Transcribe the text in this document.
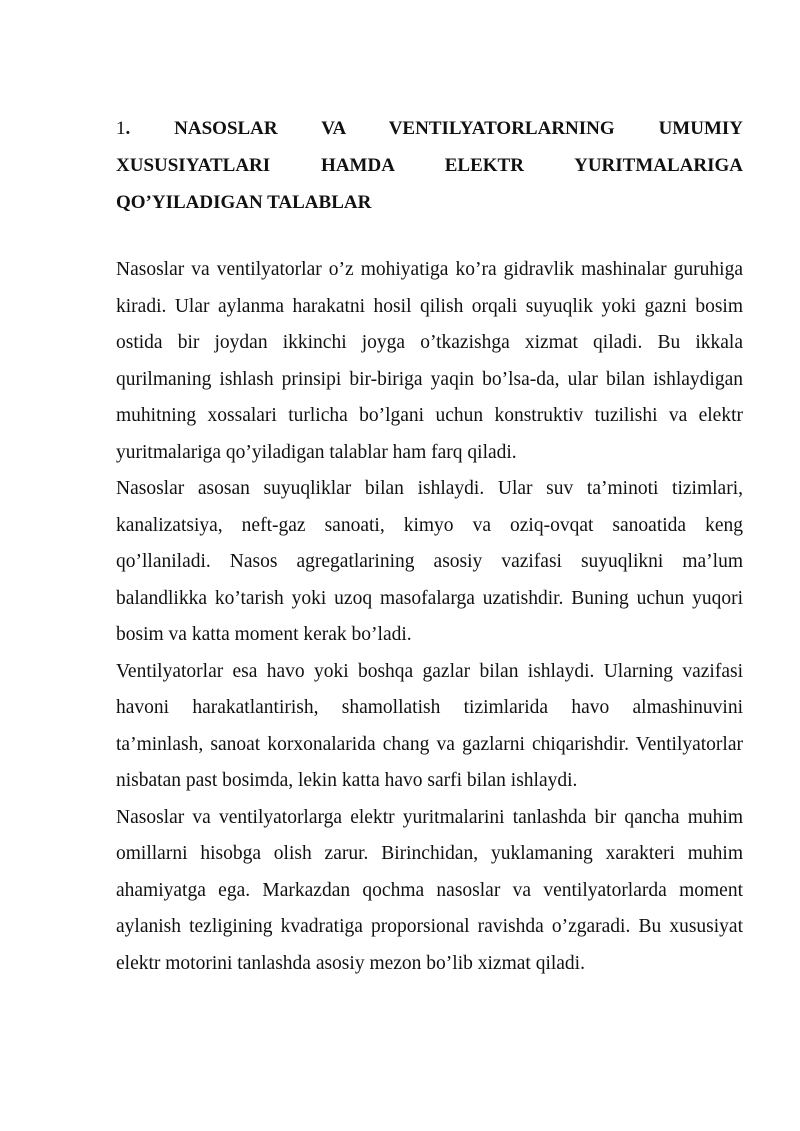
1. NASOSLAR VA VENTILYATORLARNING UMUMIY XUSUSIYATLARI HAMDA ELEKTR YURITMALARIGA QO’YILADIGAN TALABLAR

Nasoslar va ventilyatorlar o’z mohiyatiga ko’ra gidravlik mashinalar guruhiga kiradi. Ular aylanma harakatni hosil qilish orqali suyuqlik yoki gazni bosim ostida bir joydan ikkinchi joyga o’tkazishga xizmat qiladi. Bu ikkala qurilmaning ishlash prinsipi bir-biriga yaqin bo’lsa-da, ular bilan ishlaydigan muhitning xossalari turlicha bo’lgani uchun konstruktiv tuzilishi va elektr yuritmalariga qo’yiladigan talablar ham farq qiladi.

Nasoslar asosan suyuqliklar bilan ishlaydi. Ular suv ta’minoti tizimlari, kanalizatsiya, neft-gaz sanoati, kimyo va oziq-ovqat sanoatida keng qo’llaniladi. Nasos agregatlarining asosiy vazifasi suyuqlikni ma’lum balandlikka ko’tarish yoki uzoq masofalarga uzatishdir. Buning uchun yuqori bosim va katta moment kerak bo’ladi.

Ventilyatorlar esa havo yoki boshqa gazlar bilan ishlaydi. Ularning vazifasi havoni harakatlantirish, shamollatish tizimlarida havo almashinuvini ta’minlash, sanoat korxonalarida chang va gazlarni chiqarishdir. Ventilyatorlar nisbatan past bosimda, lekin katta havo sarfi bilan ishlaydi.

Nasoslar va ventilyatorlarga elektr yuritmalarini tanlashda bir qancha muhim omillarni hisobga olish zarur. Birinchidan, yuklamaning xarakteri muhim ahamiyatga ega. Markazdan qochma nasoslar va ventilyatorlarda moment aylanish tezligining kvadratiga proporsional ravishda o’zgaradi. Bu xususiyat elektr motorini tanlashda asosiy mezon bo’lib xizmat qiladi.
